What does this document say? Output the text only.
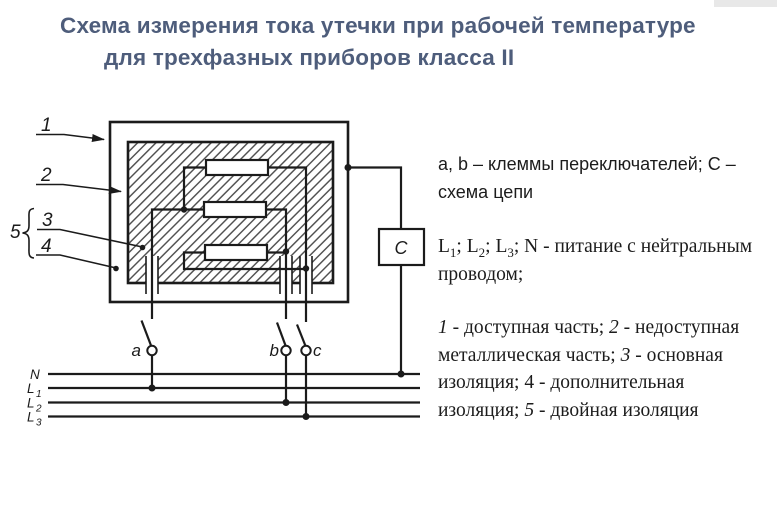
Схема измерения тока утечки при рабочей температуре
для трехфазных приборов класса II
C
a	b c
N
L 1
L 2
L 3
1
2
3
4
5
a, b – клеммы переключателей; C –
схема цепи
$L_1$; $L_2$; $L_3$; N - питание с нейтральным
проводом;
1 - доступная часть; 2 - недоступная
металлическая часть; 3 - основная
изоляция; 4 - дополнительная
изоляция; 5 - двойная изоляция
